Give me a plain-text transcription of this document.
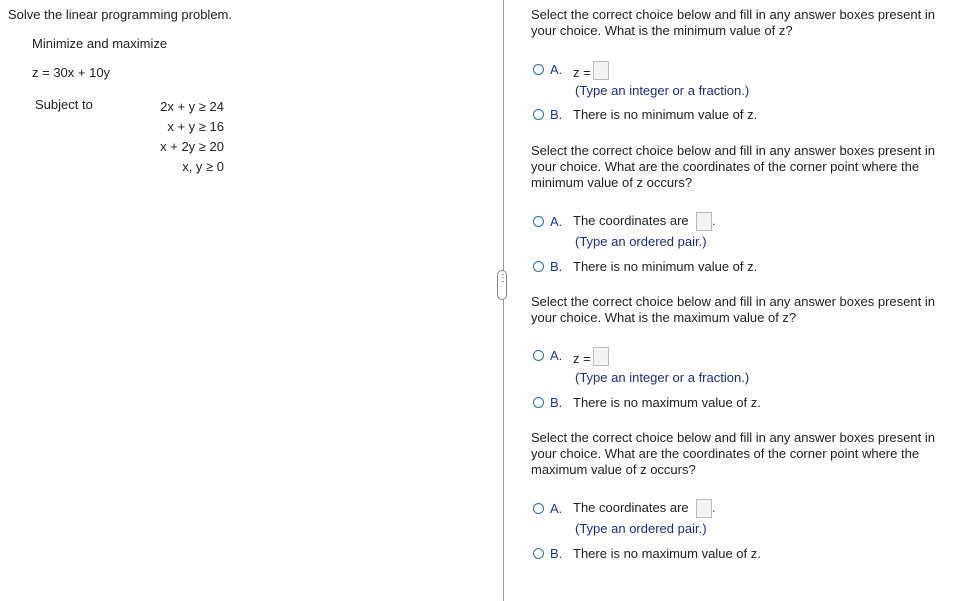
Solve the linear programming problem.
Minimize and maximize
z = 30x + 10y
Subject to	2x + y ≥ 24
x + y ≥ 16
x + 2y ≥ 20
x, y ≥ 0
⋮
Select the correct choice below and fill in any answer boxes present in your choice. What is the minimum value of z?
A. z =
(Type an integer or a fraction.)
B. There is no minimum value of z.
Select the correct choice below and fill in any answer boxes present in your choice. What are the coordinates of the corner point where the minimum value of z occurs?
A. The coordinates are .
(Type an ordered pair.)
B. There is no minimum value of z.
Select the correct choice below and fill in any answer boxes present in your choice. What is the maximum value of z?
A. z =
(Type an integer or a fraction.)
B. There is no maximum value of z.
Select the correct choice below and fill in any answer boxes present in your choice. What are the coordinates of the corner point where the maximum value of z occurs?
A. The coordinates are .
(Type an ordered pair.)
B. There is no maximum value of z.
